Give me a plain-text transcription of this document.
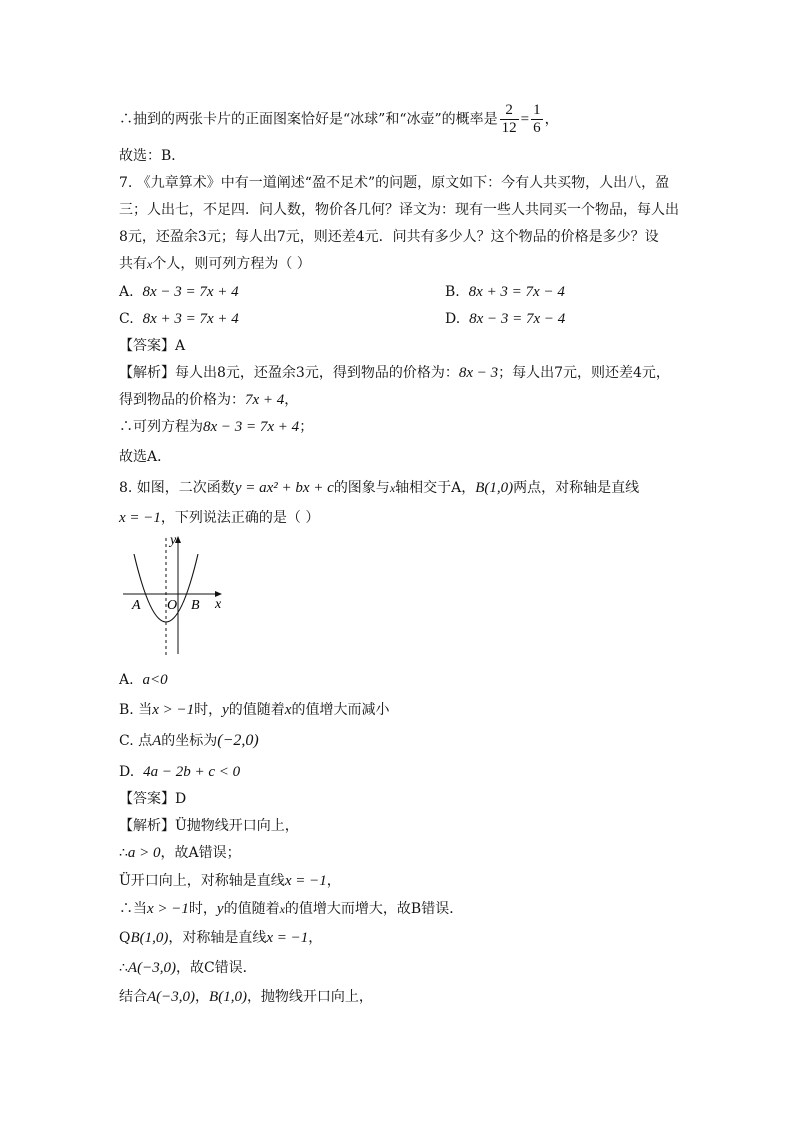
∴抽到的两张卡片的正面图案恰好是“冰球”和“冰壶”的概率是 $\frac{2}{12} = \frac{1}{6}$ ，
故选：B．
7. 《九章算术》中有一道阐述“盈不足术”的问题，原文如下：今有人共买物，人出八，盈
三；人出七，不足四．问人数，物价各几何？译文为：现有一些人共同买一个物品，每人出
8元，还盈余3元；每人出7元，则还差4元．问共有多少人？这个物品的价格是多少？设
共有x个人，则可列方程为（ ）
A. 8x − 3 = 7x + 4	B. 8x + 3 = 7x − 4
C. 8x + 3 = 7x + 4	D. 8x − 3 = 7x − 4
【答案】A
【解析】每人出8元，还盈余3元，得到物品的价格为：8x − 3；每人出7元，则还差4元，
得到物品的价格为：7x + 4，
∴可列方程为8x − 3 = 7x + 4；
故选A．
8. 如图，二次函数y = ax² + bx + c的图象与x轴相交于A，B(1,0)两点，对称轴是直线
x = −1，下列说法正确的是（ ）
y
x
A O B
A. a<0
B. 当x > −1时，y的值随着x的值增大而减小
C. 点A的坐标为(−2,0)
D. 4a − 2b + c < 0
【答案】D
【解析】Ü抛物线开口向上，
∴a > 0，故A错误；
Ü开口向上，对称轴是直线x = −1，
∴当x > −1时，y的值随着x的值增大而增大，故B错误．
QB(1,0)，对称轴是直线x = −1，
∴A(−3,0)，故C错误．
结合A(−3,0)，B(1,0)，抛物线开口向上，
